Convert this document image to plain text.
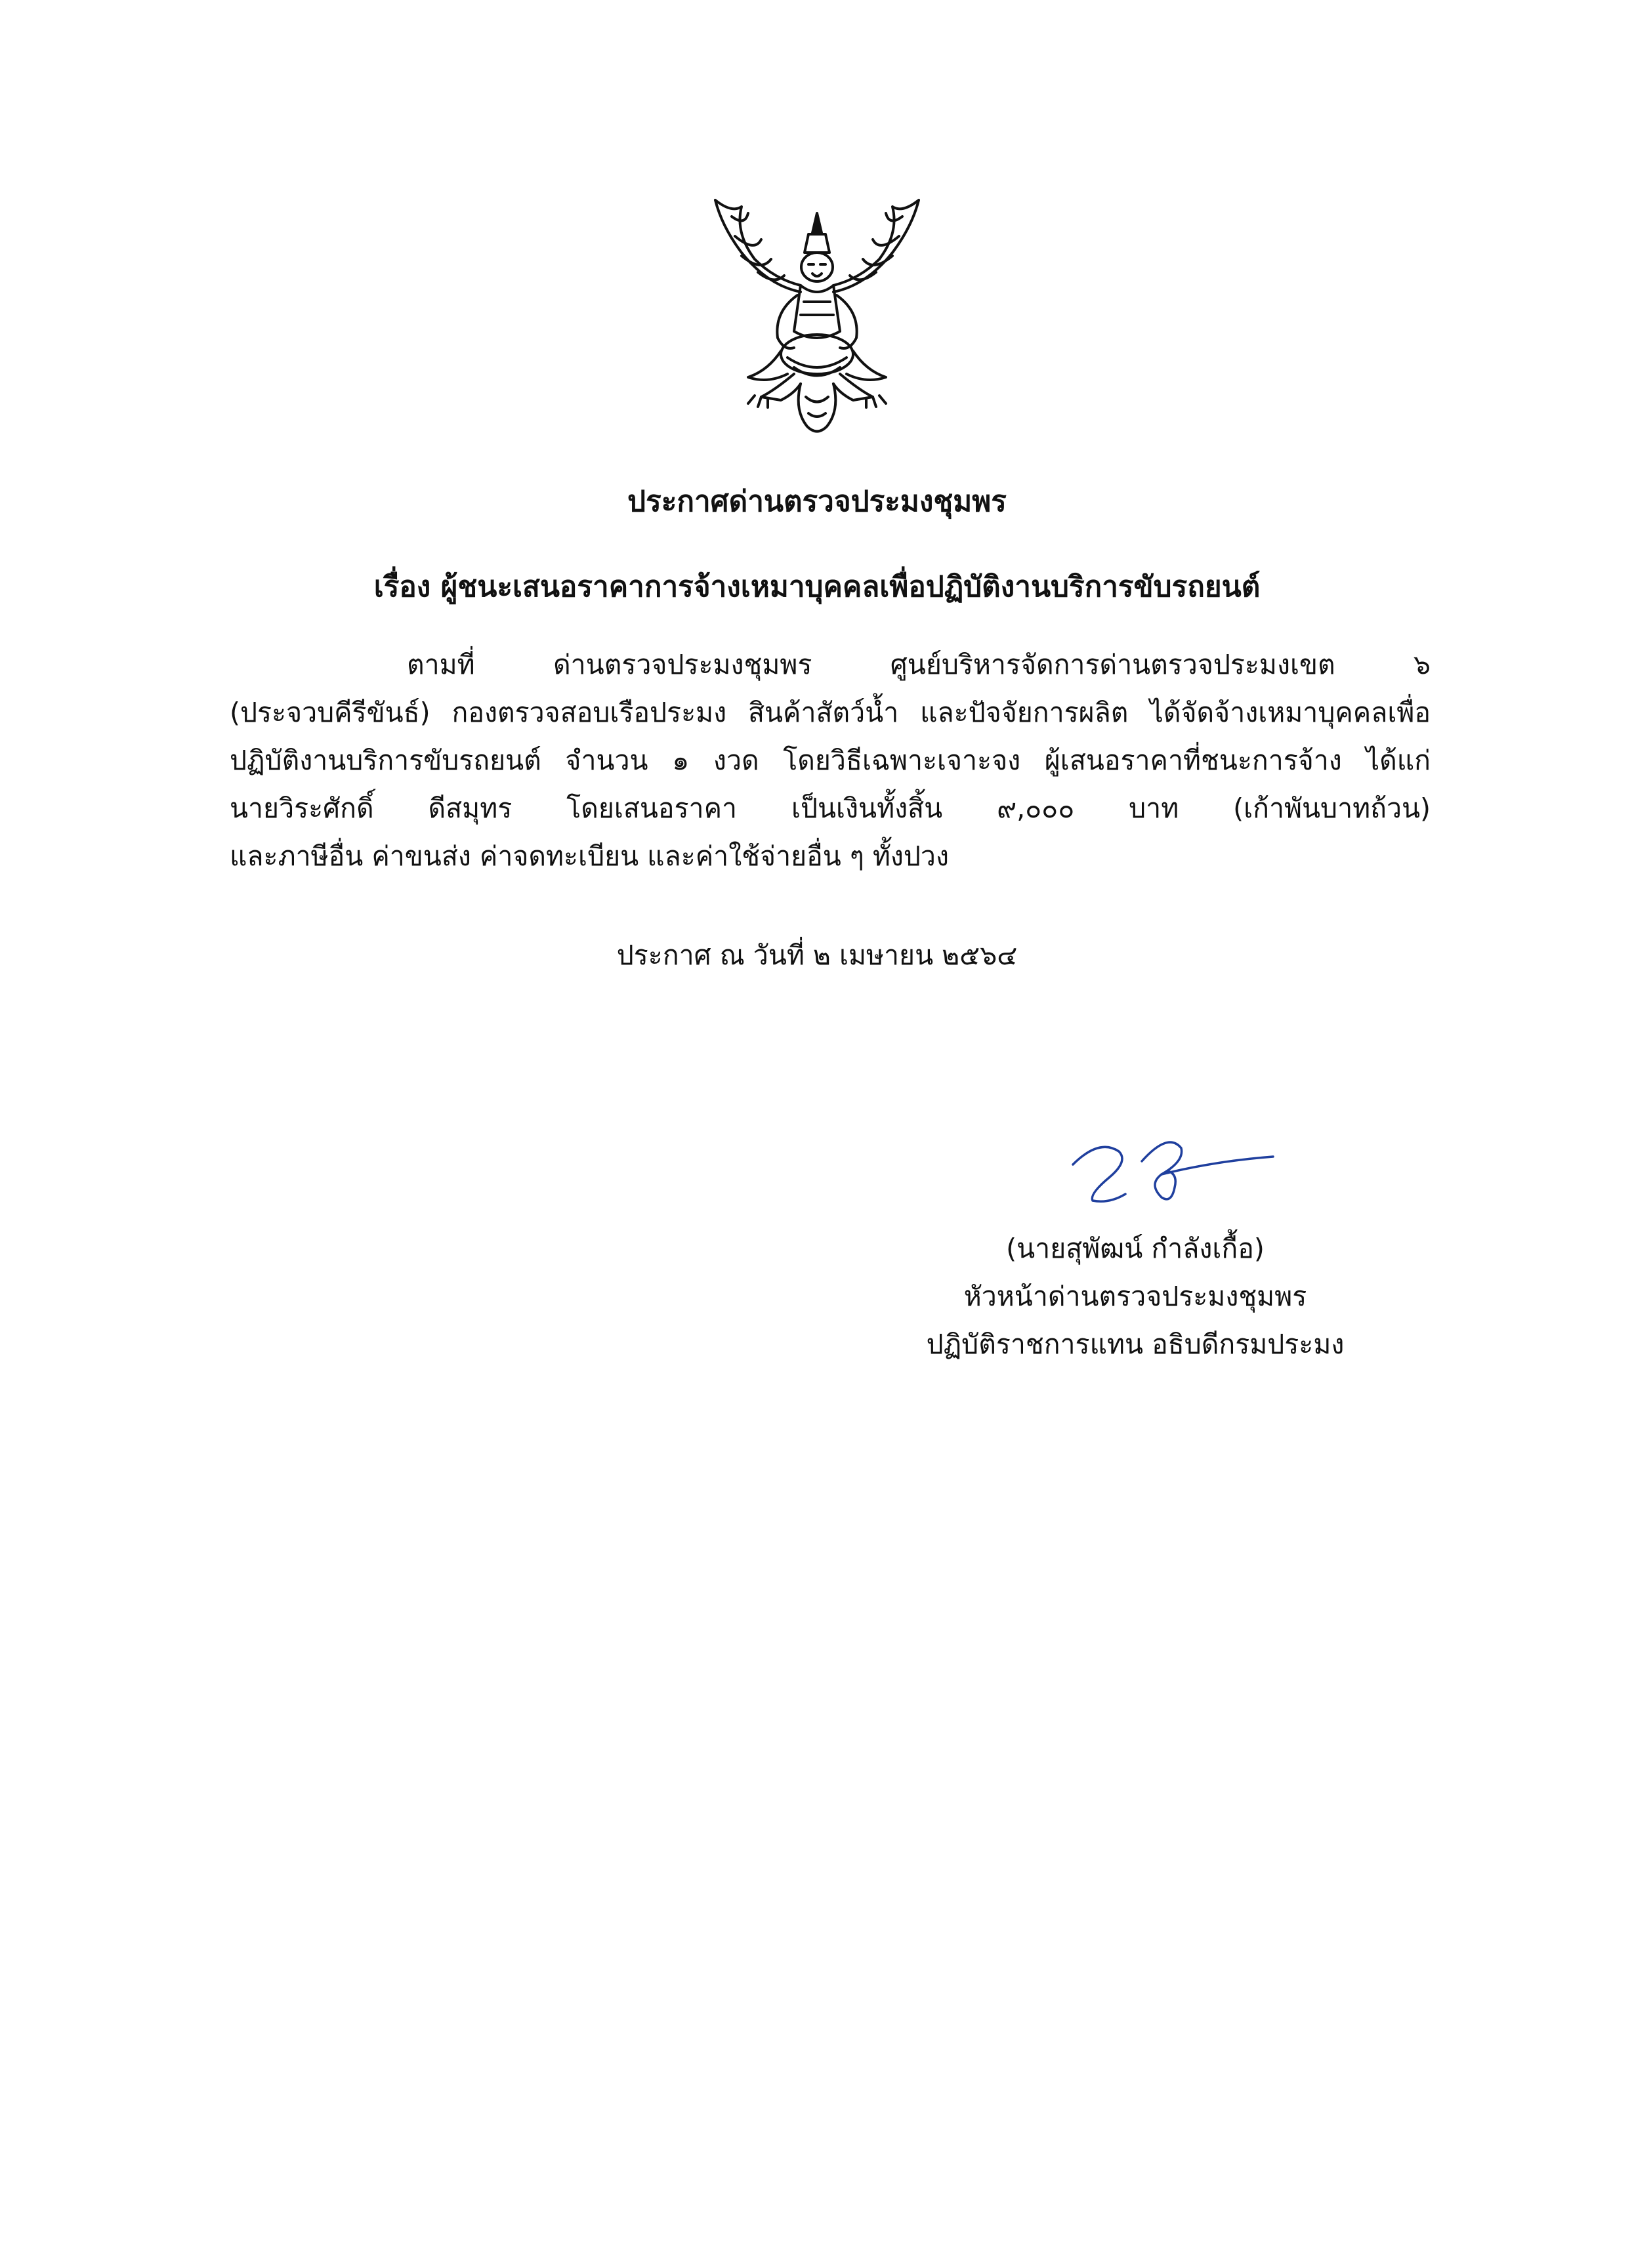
ประกาศด่านตรวจประมงชุมพร
เรื่อง ผู้ชนะเสนอราคาการจ้างเหมาบุคคลเพื่อปฏิบัติงานบริการขับรถยนต์
ตามที่ ด่านตรวจประมงชุมพร ศูนย์บริหารจัดการด่านตรวจประมงเขต ๖
(ประจวบคีรีขันธ์) กองตรวจสอบเรือประมง สินค้าสัตว์น้ำ และปัจจัยการผลิต ได้จัดจ้างเหมาบุคคลเพื่อ
ปฏิบัติงานบริการขับรถยนต์ จำนวน ๑ งวด โดยวิธีเฉพาะเจาะจง ผู้เสนอราคาที่ชนะการจ้าง ได้แก่
นายวิระศักดิ์ ดีสมุทร โดยเสนอราคา เป็นเงินทั้งสิ้น ๙,๐๐๐ บาท (เก้าพันบาทถ้วน)
และภาษีอื่น ค่าขนส่ง ค่าจดทะเบียน และค่าใช้จ่ายอื่น ๆ ทั้งปวง
ประกาศ ณ วันที่ ๒ เมษายน ๒๕๖๔
(นายสุพัฒน์ กำลังเกื้อ)
หัวหน้าด่านตรวจประมงชุมพร
ปฏิบัติราชการแทน อธิบดีกรมประมง
